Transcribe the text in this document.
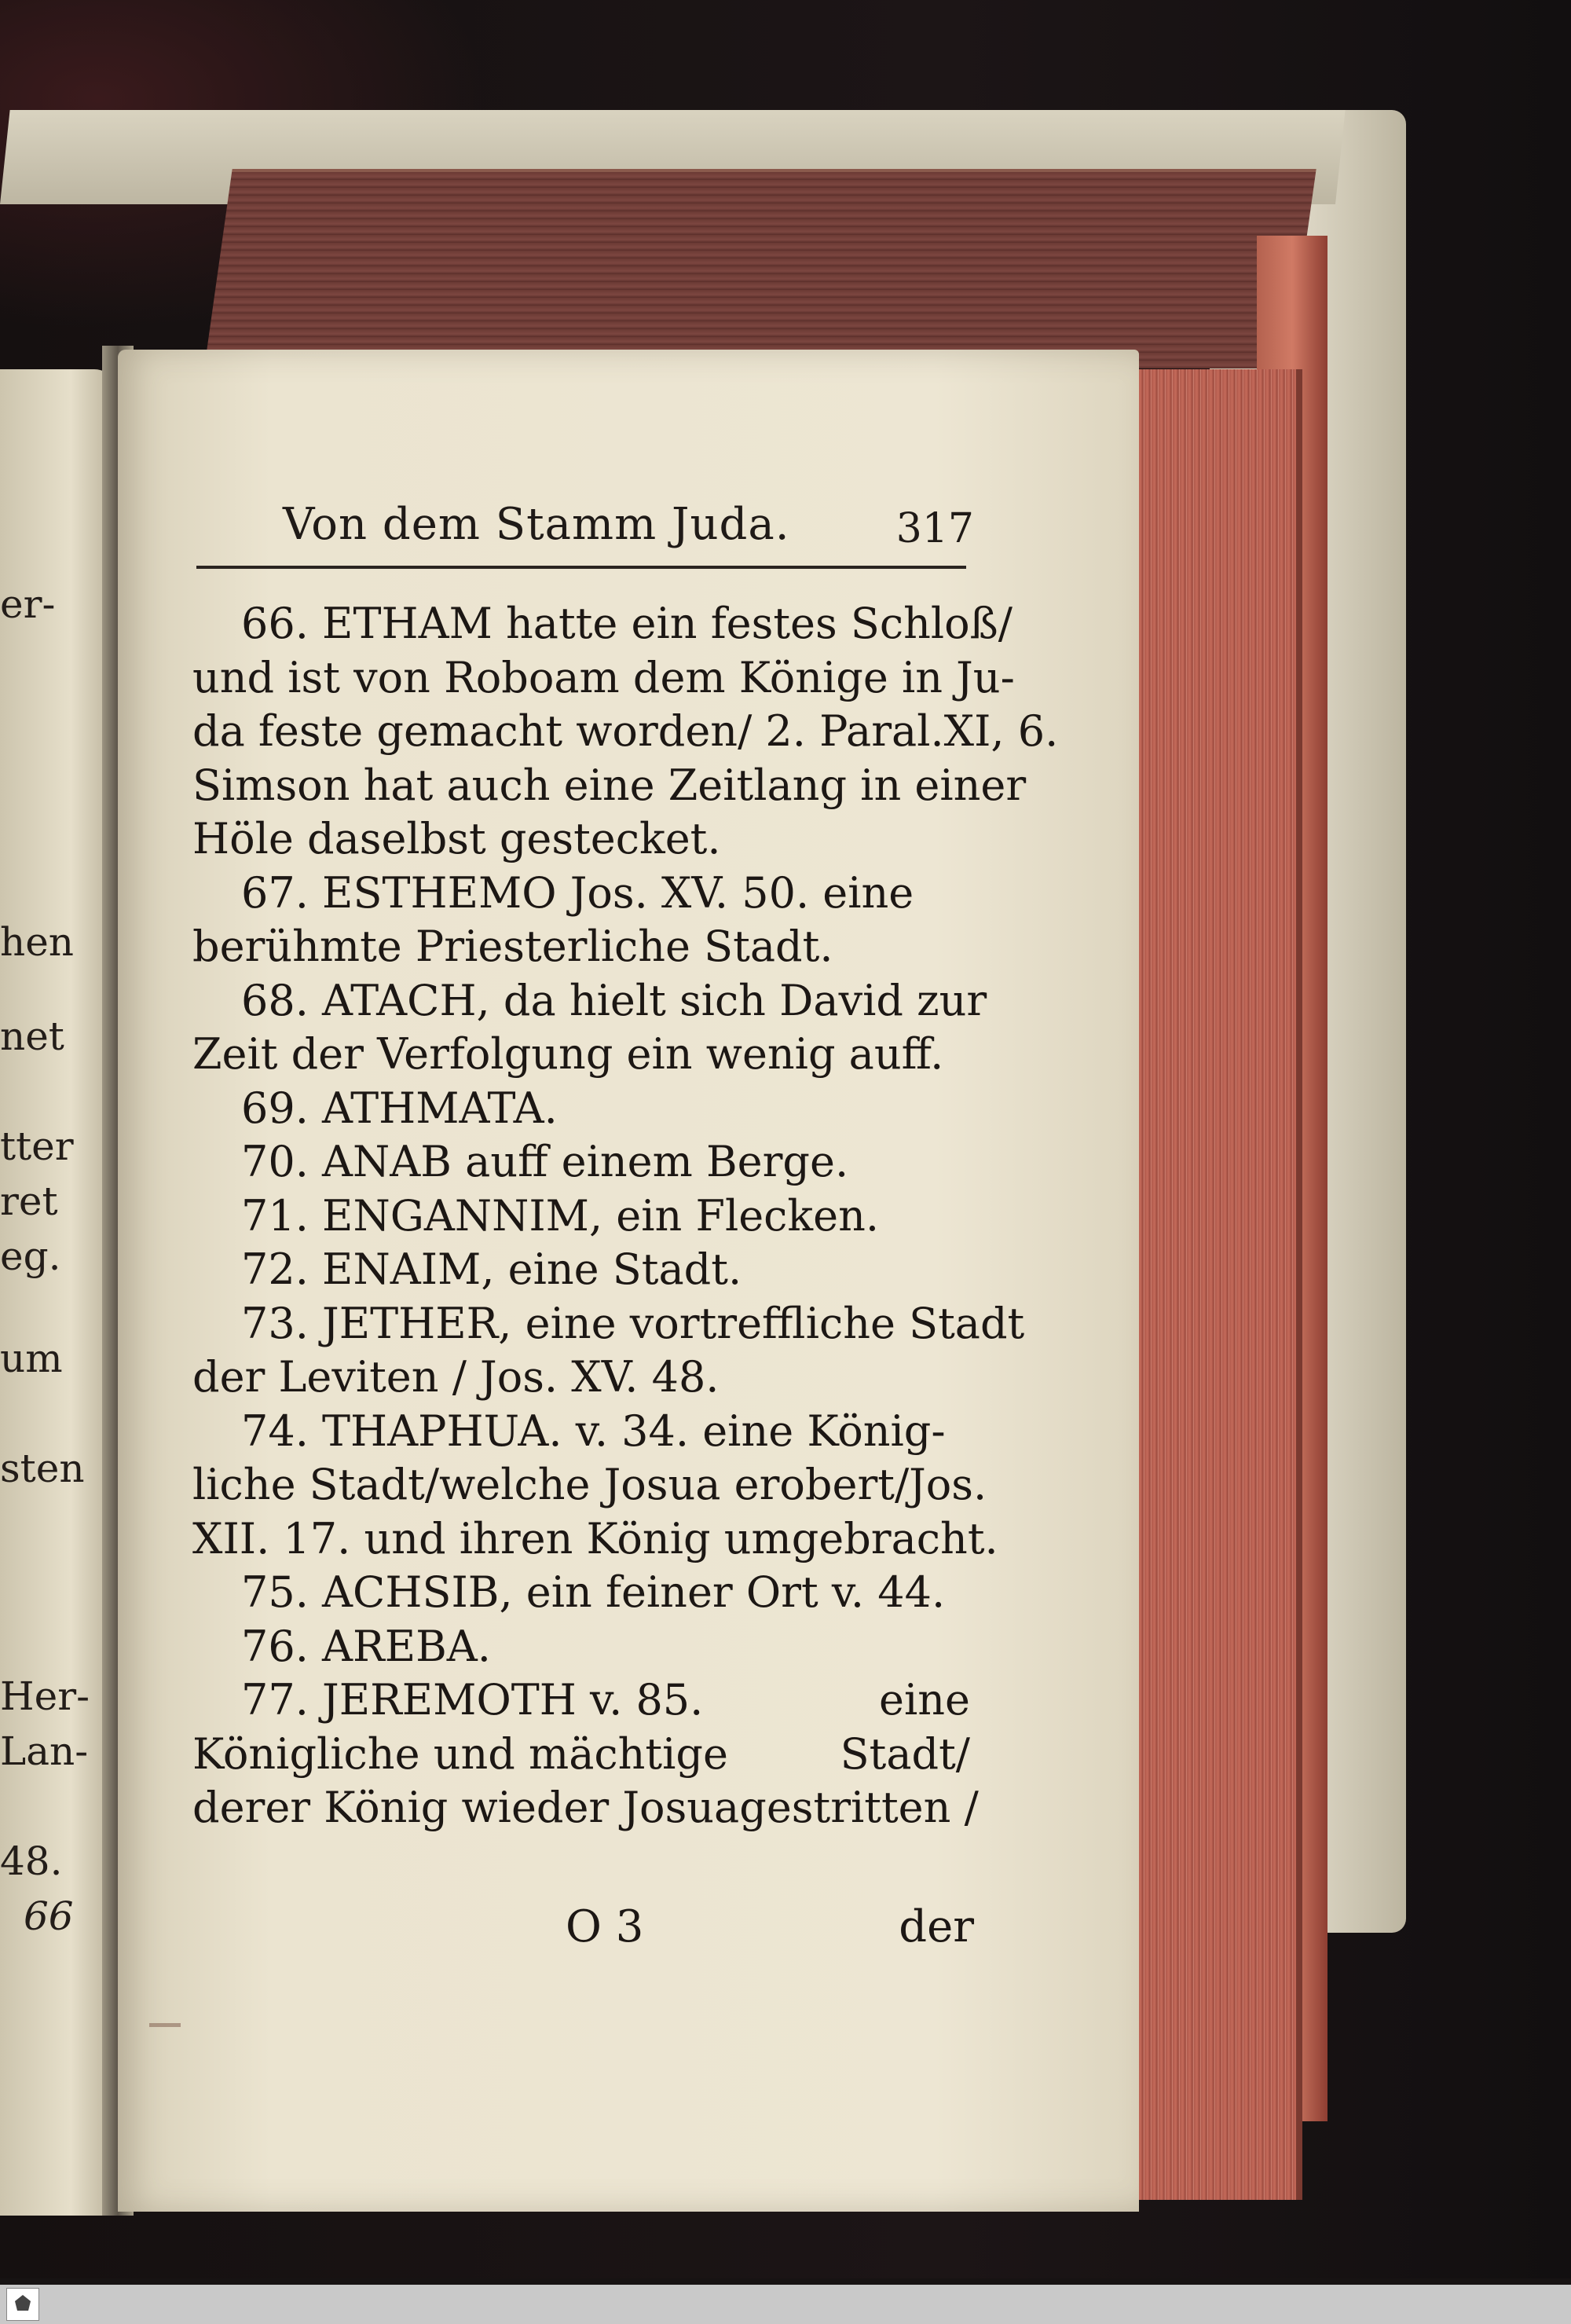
er-
hen
net
tter
ret
eg.
um
sten
Her-
Lan-
48.
66
Von dem Stamm Juda.	317
66. ETHAM hatte ein festes Schloß/
und ist von Roboam dem Könige in Ju-
da feste gemacht worden/ 2. Paral.XI, 6.
Simson hat auch eine Zeitlang in einer
Höle daselbst gestecket.
67. ESTHEMO Jos. XV. 50. eine
berühmte Priesterliche Stadt.
68. ATACH, da hielt sich David zur
Zeit der Verfolgung ein wenig auff.
69. ATHMATA.
70. ANAB auff einem Berge.
71. ENGANNIM, ein Flecken.
72. ENAIM, eine Stadt.
73. JETHER, eine vortreffliche Stadt
der Leviten / Jos. XV. 48.
74. THAPHUA. v. 34. eine König-
liche Stadt/welche Josua erobert/Jos.
XII. 17. und ihren König umgebracht.
75. ACHSIB, ein feiner Ort v. 44.
76. AREBA.
77. JEREMOTH v. 85.	eine
Königliche und mächtige	Stadt/
derer König wieder Josua gestritten /
O 3	der
